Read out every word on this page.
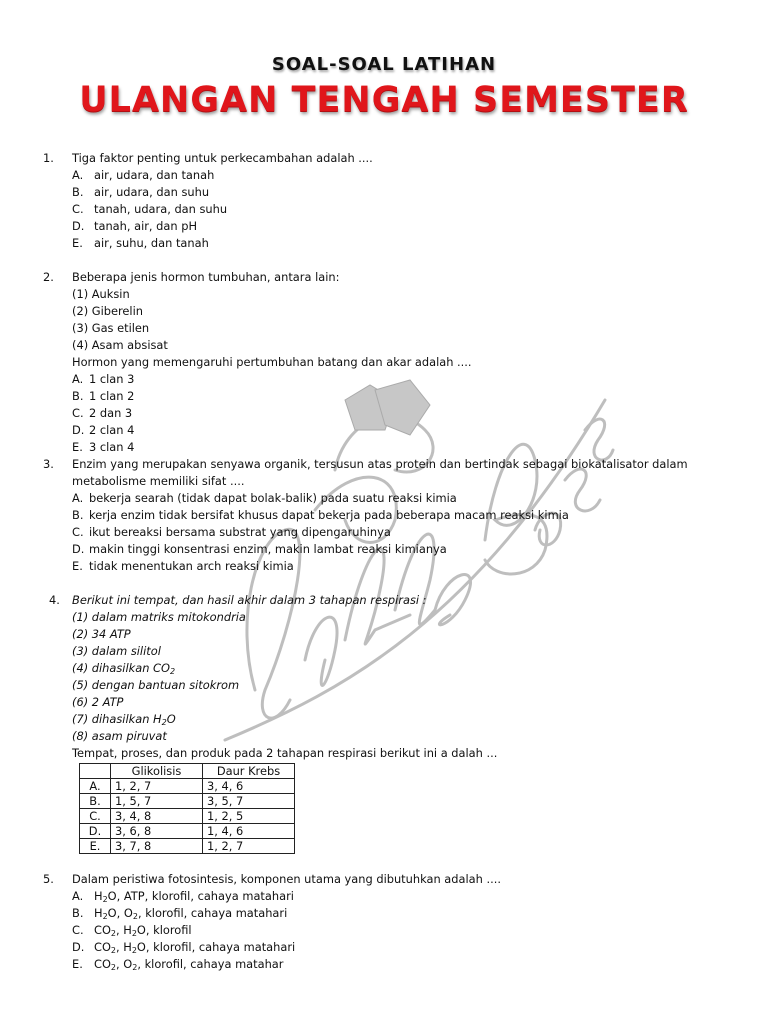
SOAL-SOAL LATIHAN
ULANGAN TENGAH SEMESTER
1.	Tiga faktor penting untuk perkecambahan adalah ....
A. air, udara, dan tanah
B. air, udara, dan suhu
C. tanah, udara, dan suhu
D. tanah, air, dan pH
E. air, suhu, dan tanah
2.	Beberapa jenis hormon tumbuhan, antara lain:
(1) Auksin
(2) Giberelin
(3) Gas etilen
(4) Asam absisat
Hormon yang memengaruhi pertumbuhan batang dan akar adalah ....
A. 1 clan 3
B. 1 clan 2
C. 2 dan 3
D. 2 clan 4
E. 3 clan 4
3.	Enzim yang merupakan senyawa organik, tersusun atas protein dan bertindak sebagai biokatalisator dalam
metabolisme memiliki sifat ....
A. bekerja searah (tidak dapat bolak-balik) pada suatu reaksi kimia
B. kerja enzim tidak bersifat khusus dapat bekerja pada beberapa macam reaksi kimia
C. ikut bereaksi bersama substrat yang dipengaruhinya
D. makin tinggi konsentrasi enzim, makin lambat reaksi kimianya
E. tidak menentukan arch reaksi kimia
4.	Berikut ini tempat, dan hasil akhir dalam 3 tahapan respirasi :
(1) dalam matriks mitokondria
(2) 34 ATP
(3) dalam silitol
(4) dihasilkan $CO_2$
(5) dengan bantuan sitokrom
(6) 2 ATP
(7) dihasilkan $H_2O$
(8) asam piruvat
Tempat, proses, dan produk pada 2 tahapan respirasi berikut ini a dalah ...
	Glikolisis	Daur Krebs
A.	1, 2, 7	3, 4, 6
B.	1, 5, 7	3, 5, 7
C.	3, 4, 8	1, 2, 5
D.	3, 6, 8	1, 4, 6
E.	3, 7, 8	1, 2, 7
5.	Dalam peristiwa fotosintesis, komponen utama yang dibutuhkan adalah ....
A. $H_2O$, ATP, klorofil, cahaya matahari
B. $H_2O$, $O_2$, klorofil, cahaya matahari
C. $CO_2$, $H_2O$, klorofil
D. $CO_2$, $H_2O$, klorofil, cahaya matahari
E. $CO_2$, $O_2$, klorofil, cahaya matahar
